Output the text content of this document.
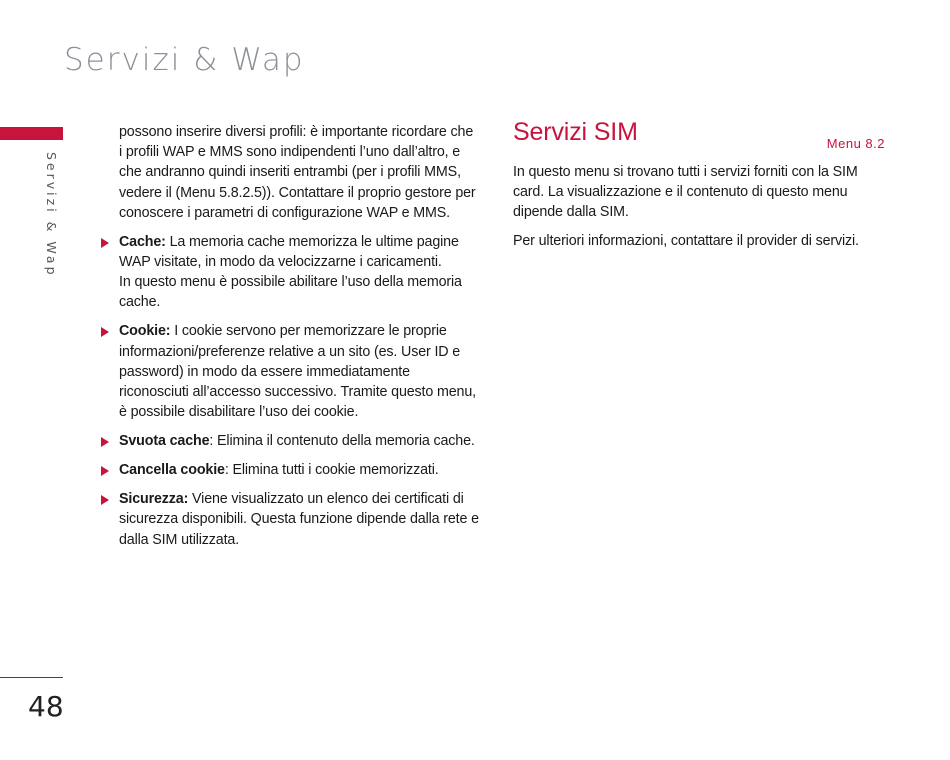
Servizi & Wap
Servizi & Wap
48

possono inserire diversi profili: è importante ricordare che i profili WAP e MMS sono indipendenti l’uno dall’altro, e che andranno quindi inseriti entrambi (per i profili MMS, vedere il (Menu 5.8.2.5)). Contattare il proprio gestore per conoscere i parametri di configurazione WAP e MMS.

Cache: La memoria cache memorizza le ultime pagine WAP visitate, in modo da velocizzarne i caricamenti.
In questo menu è possibile abilitare l’uso della memoria cache.
Cookie: I cookie servono per memorizzare le proprie informazioni/preferenze relative a un sito (es. User ID e password) in modo da essere immediatamente riconosciuti all’accesso successivo. Tramite questo menu, è possibile disabilitare l’uso dei cookie.
Svuota cache: Elimina il contenuto della memoria cache.
Cancella cookie: Elimina tutti i cookie memorizzati.
Sicurezza: Viene visualizzato un elenco dei certificati di sicurezza disponibili. Questa funzione dipende dalla rete e dalla SIM utilizzata.
Servizi SIM	Menu 8.2

In questo menu si trovano tutti i servizi forniti con la SIM card. La visualizzazione e il contenuto di questo menu dipende dalla SIM.

Per ulteriori informazioni, contattare il provider di servizi.
